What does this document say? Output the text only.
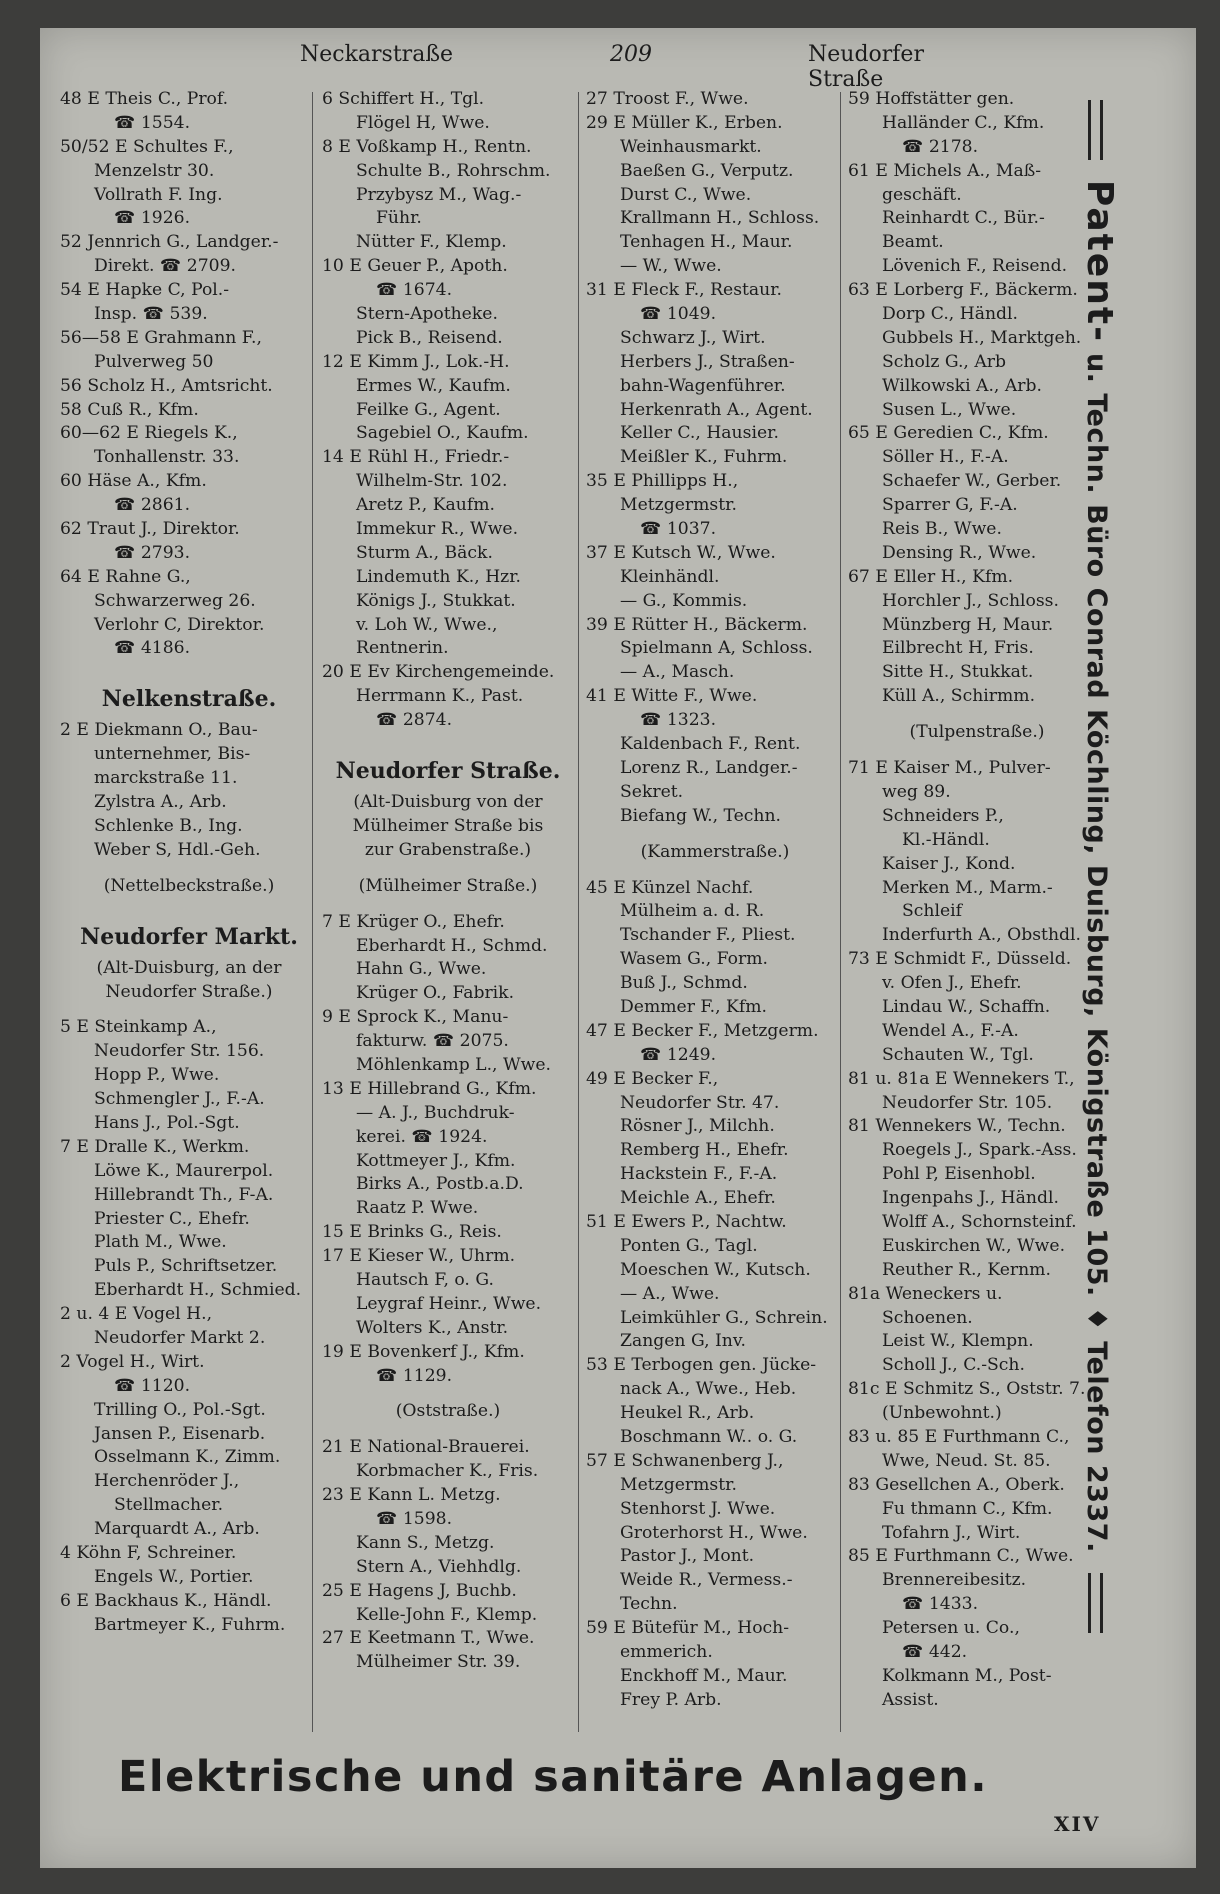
Neckarstraße	209	Neudorfer Straße
48 E Theis C., Prof.
☎ 1554.
50/52 E Schultes F.,
Menzelstr 30.
Vollrath F. Ing.
☎ 1926.
52 Jennrich G., Landger.-
Direkt. ☎ 2709.
54 E Hapke C, Pol.-
Insp. ☎ 539.
56—58 E Grahmann F.,
Pulverweg 50
56 Scholz H., Amtsricht.
58 Cuß R., Kfm.
60—62 E Riegels K.,
Tonhallenstr. 33.
60 Häse A., Kfm.
☎ 2861.
62 Traut J., Direktor.
☎ 2793.
64 E Rahne G.,
Schwarzerweg 26.
Verlohr C, Direktor.
☎ 4186.
Nelkenstraße.
2 E Diekmann O., Bau-
unternehmer, Bis-
marckstraße 11.
Zylstra A., Arb.
Schlenke B., Ing.
Weber S, Hdl.-Geh.
(Nettelbeckstraße.)
Neudorfer Markt.
(Alt-Duisburg, an der
Neudorfer Straße.)
5 E Steinkamp A.,
Neudorfer Str. 156.
Hopp P., Wwe.
Schmengler J., F.-A.
Hans J., Pol.-Sgt.
7 E Dralle K., Werkm.
Löwe K., Maurerpol.
Hillebrandt Th., F-A.
Priester C., Ehefr.
Plath M., Wwe.
Puls P., Schriftsetzer.
Eberhardt H., Schmied.
2 u. 4 E Vogel H.,
Neudorfer Markt 2.
2 Vogel H., Wirt.
☎ 1120.
Trilling O., Pol.-Sgt.
Jansen P., Eisenarb.
Osselmann K., Zimm.
Herchenröder J.,
Stellmacher.
Marquardt A., Arb.
4 Köhn F, Schreiner.
Engels W., Portier.
6 E Backhaus K., Händl.
Bartmeyer K., Fuhrm.
6 Schiffert H., Tgl.
Flögel H, Wwe.
8 E Voßkamp H., Rentn.
Schulte B., Rohrschm.
Przybysz M., Wag.-
Führ.
Nütter F., Klemp.
10 E Geuer P., Apoth.
☎ 1674.
Stern-Apotheke.
Pick B., Reisend.
12 E Kimm J., Lok.-H.
Ermes W., Kaufm.
Feilke G., Agent.
Sagebiel O., Kaufm.
14 E Rühl H., Friedr.-
Wilhelm-Str. 102.
Aretz P., Kaufm.
Immekur R., Wwe.
Sturm A., Bäck.
Lindemuth K., Hzr.
Königs J., Stukkat.
v. Loh W., Wwe.,
Rentnerin.
20 E Ev Kirchengemeinde.
Herrmann K., Past.
☎ 2874.
Neudorfer Straße.
(Alt-Duisburg von der
Mülheimer Straße bis
zur Grabenstraße.)
(Mülheimer Straße.)
7 E Krüger O., Ehefr.
Eberhardt H., Schmd.
Hahn G., Wwe.
Krüger O., Fabrik.
9 E Sprock K., Manu-
fakturw. ☎ 2075.
Möhlenkamp L., Wwe.
13 E Hillebrand G., Kfm.
— A. J., Buchdruk-
kerei. ☎ 1924.
Kottmeyer J., Kfm.
Birks A., Postb.a.D.
Raatz P. Wwe.
15 E Brinks G., Reis.
17 E Kieser W., Uhrm.
Hautsch F, o. G.
Leygraf Heinr., Wwe.
Wolters K., Anstr.
19 E Bovenkerf J., Kfm.
☎ 1129.
(Oststraße.)
21 E National-Brauerei.
Korbmacher K., Fris.
23 E Kann L. Metzg.
☎ 1598.
Kann S., Metzg.
Stern A., Viehhdlg.
25 E Hagens J, Buchb.
Kelle-John F., Klemp.
27 E Keetmann T., Wwe.
Mülheimer Str. 39.
27 Troost F., Wwe.
29 E Müller K., Erben.
Weinhausmarkt.
Baeßen G., Verputz.
Durst C., Wwe.
Krallmann H., Schloss.
Tenhagen H., Maur.
— W., Wwe.
31 E Fleck F., Restaur.
☎ 1049.
Schwarz J., Wirt.
Herbers J., Straßen-
bahn-Wagenführer.
Herkenrath A., Agent.
Keller C., Hausier.
Meißler K., Fuhrm.
35 E Phillipps H.,
Metzgermstr.
☎ 1037.
37 E Kutsch W., Wwe.
Kleinhändl.
— G., Kommis.
39 E Rütter H., Bäckerm.
Spielmann A, Schloss.
— A., Masch.
41 E Witte F., Wwe.
☎ 1323.
Kaldenbach F., Rent.
Lorenz R., Landger.-
Sekret.
Biefang W., Techn.
(Kammerstraße.)
45 E Künzel Nachf.
Mülheim a. d. R.
Tschander F., Pliest.
Wasem G., Form.
Buß J., Schmd.
Demmer F., Kfm.
47 E Becker F., Metzgerm.
☎ 1249.
49 E Becker F.,
Neudorfer Str. 47.
Rösner J., Milchh.
Remberg H., Ehefr.
Hackstein F., F.-A.
Meichle A., Ehefr.
51 E Ewers P., Nachtw.
Ponten G., Tagl.
Moeschen W., Kutsch.
— A., Wwe.
Leimkühler G., Schrein.
Zangen G, Inv.
53 E Terbogen gen. Jücke-
nack A., Wwe., Heb.
Heukel R., Arb.
Boschmann W.. o. G.
57 E Schwanenberg J.,
Metzgermstr.
Stenhorst J. Wwe.
Groterhorst H., Wwe.
Pastor J., Mont.
Weide R., Vermess.-
Techn.
59 E Bütefür M., Hoch-
emmerich.
Enckhoff M., Maur.
Frey P. Arb.
59 Hoffstätter gen.
Halländer C., Kfm.
☎ 2178.
61 E Michels A., Maß-
geschäft.
Reinhardt C., Bür.-
Beamt.
Lövenich F., Reisend.
63 E Lorberg F., Bäckerm.
Dorp C., Händl.
Gubbels H., Marktgeh.
Scholz G., Arb
Wilkowski A., Arb.
Susen L., Wwe.
65 E Geredien C., Kfm.
Söller H., F.-A.
Schaefer W., Gerber.
Sparrer G, F.-A.
Reis B., Wwe.
Densing R., Wwe.
67 E Eller H., Kfm.
Horchler J., Schloss.
Münzberg H, Maur.
Eilbrecht H, Fris.
Sitte H., Stukkat.
Küll A., Schirmm.
(Tulpenstraße.)
71 E Kaiser M., Pulver-
weg 89.
Schneiders P.,
Kl.-Händl.
Kaiser J., Kond.
Merken M., Marm.-
Schleif
Inderfurth A., Obsthdl.
73 E Schmidt F., Düsseld.
v. Ofen J., Ehefr.
Lindau W., Schaffn.
Wendel A., F.-A.
Schauten W., Tgl.
81 u. 81a E Wennekers T.,
Neudorfer Str. 105.
81 Wennekers W., Techn.
Roegels J., Spark.-Ass.
Pohl P, Eisenhobl.
Ingenpahs J., Händl.
Wolff A., Schornsteinf.
Euskirchen W., Wwe.
Reuther R., Kernm.
81a Weneckers u.
Schoenen.
Leist W., Klempn.
Scholl J., C.-Sch.
81c E Schmitz S., Oststr. 7.
(Unbewohnt.)
83 u. 85 E Furthmann C.,
Wwe, Neud. St. 85.
83 Gesellchen A., Oberk.
Fu thmann C., Kfm.
Tofahrn J., Wirt.
85 E Furthmann C., Wwe.
Brennereibesitz.
☎ 1433.
Petersen u. Co.,
☎ 442.
Kolkmann M., Post-
Assist.
Patent- u. Techn. Büro Conrad Köchling, Duisburg, Königstraße 105. ♦ Telefon 2337.
Elektrische und sanitäre Anlagen.
XIV
